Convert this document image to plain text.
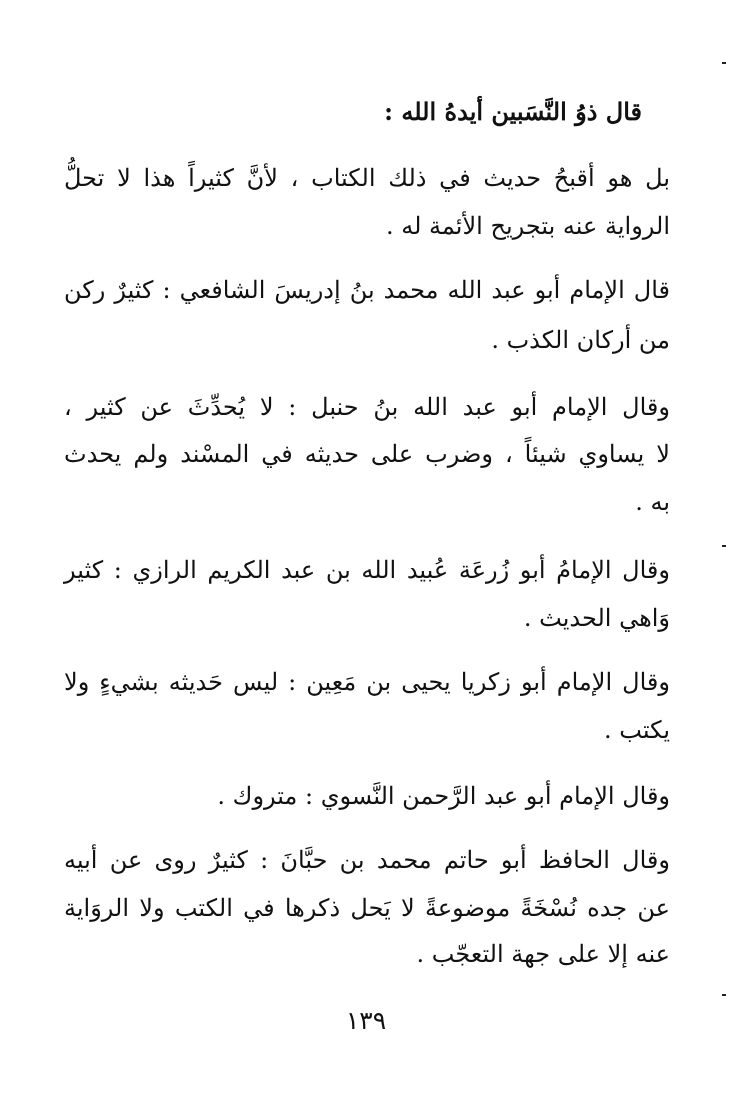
قال ذوُ النَّسَبين أيدهُ الله :
بل هو أقبحُ حديث في ذلك الكتاب ، لأنَّ كثيراً هذا لا تحلُّ
الرواية عنه بتجريح الأئمة له .
قال الإمام أبو عبد الله محمد بنُ إدريسَ الشافعي : كثيرٌ ركن
من أركان الكذب .
وقال الإمام أبو عبد الله بنُ حنبل : لا يُحدِّثَ عن كثير ،
لا يساوي شيئاً ، وضرب على حديثه في المسْند ولم يحدث
به .
وقال الإمامُ أبو زُرعَة عُبيد الله بن عبد الكريم الرازي : كثير
وَاهي الحديث .
وقال الإمام أبو زكريا يحيى بن مَعِين : ليس حَديثه بشيءٍ ولا
يكتب .
وقال الإمام أبو عبد الرَّحمن النَّسوي : متروك .
وقال الحافظ أبو حاتم محمد بن حبَّانَ : كثيرٌ روى عن أبيه
عن جده نُسْخَةً موضوعةً لا يَحل ذكرها في الكتب ولا الروَاية
عنه إلا على جهة التعجّب .
١٣٩
